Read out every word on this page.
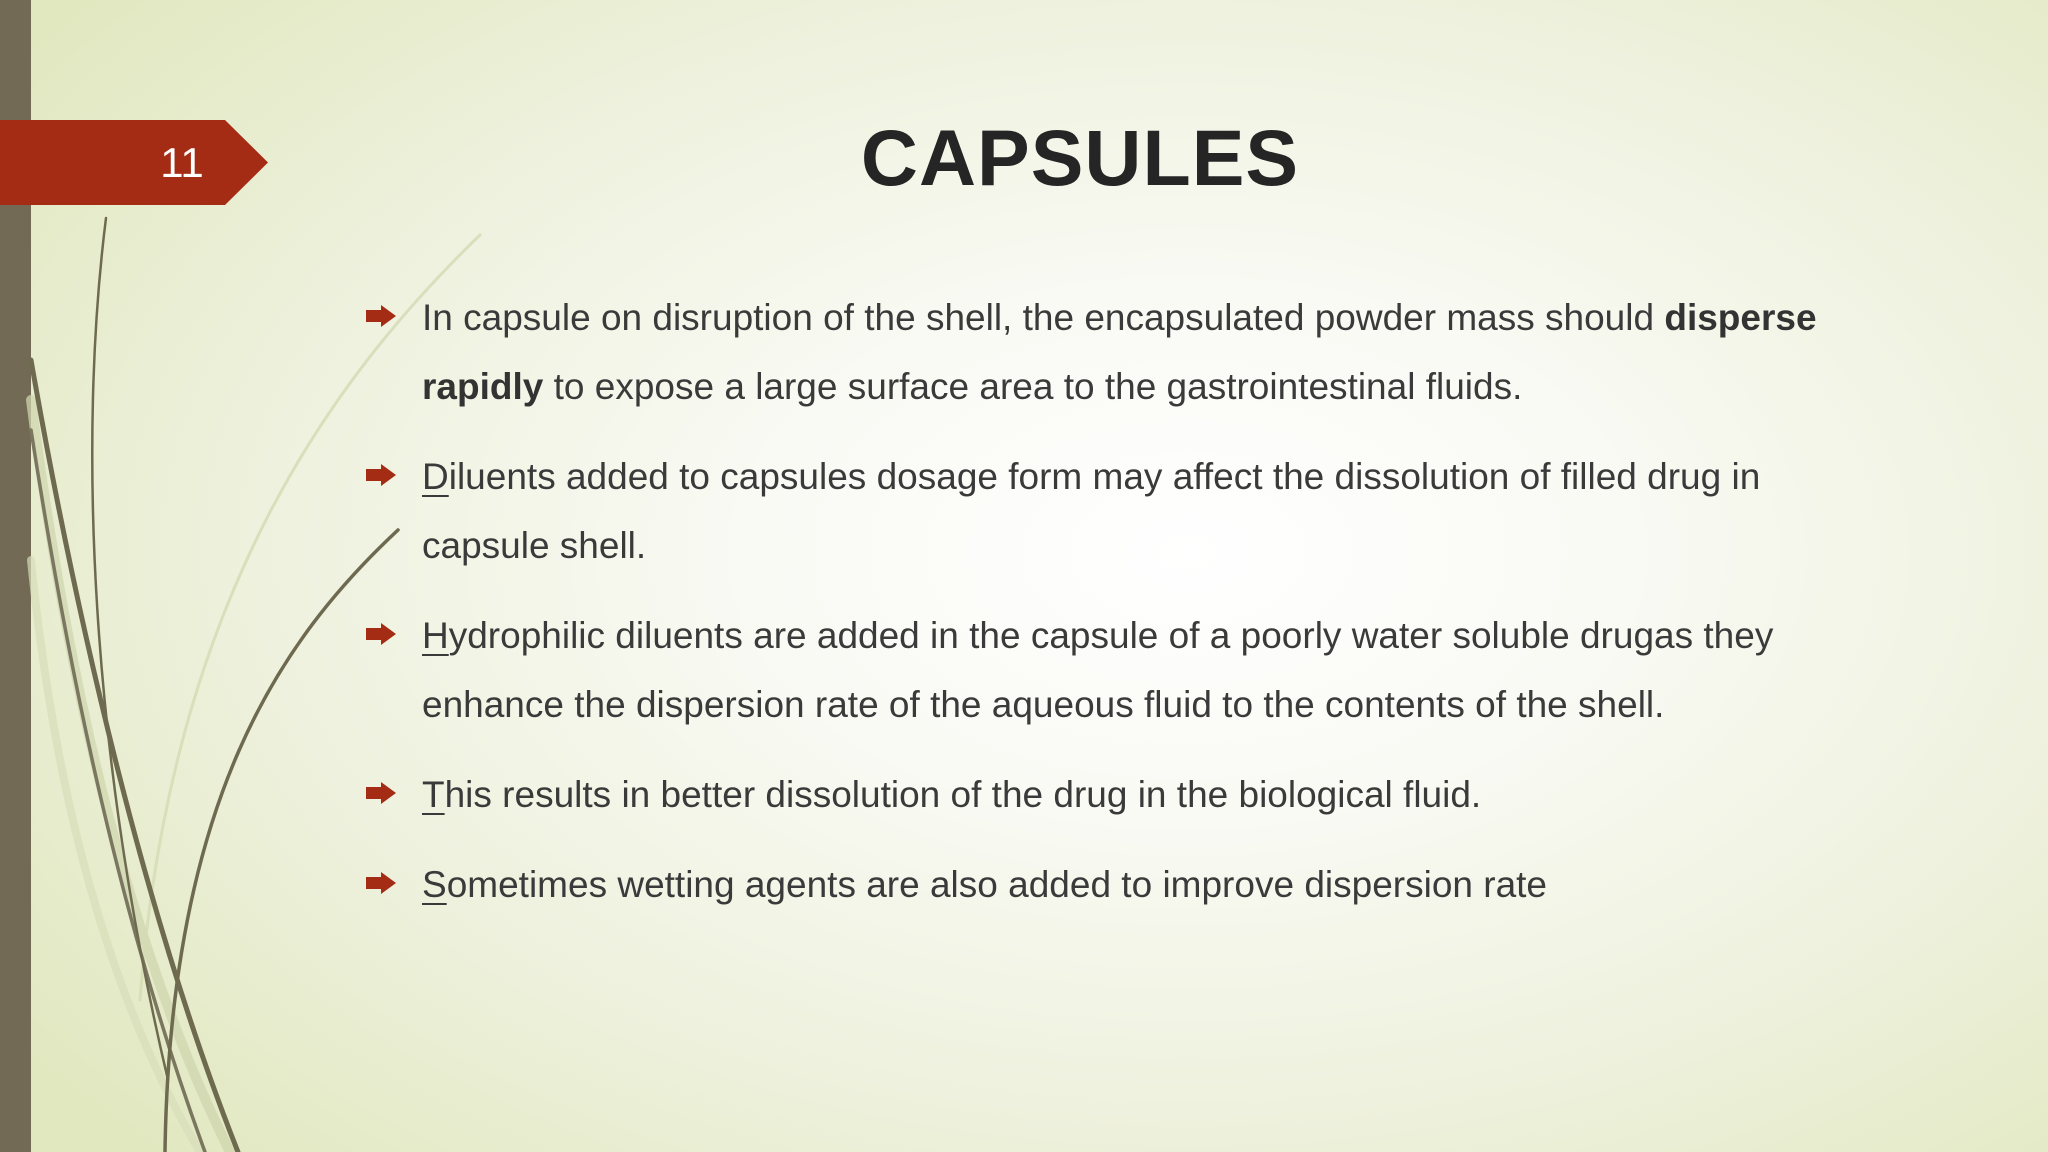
11	CAPSULES
In capsule on disruption of the shell, the encapsulated powder mass should disperse rapidly to expose a large surface area to the gastrointestinal fluids.
Diluents added to capsules dosage form may affect the dissolution of filled drug in capsule shell.
Hydrophilic diluents are added in the capsule of a poorly water soluble drugas they enhance the dispersion rate of the aqueous fluid to the contents of the shell.
This results in better dissolution of the drug in the biological fluid.
Sometimes wetting agents are also added to improve dispersion rate
